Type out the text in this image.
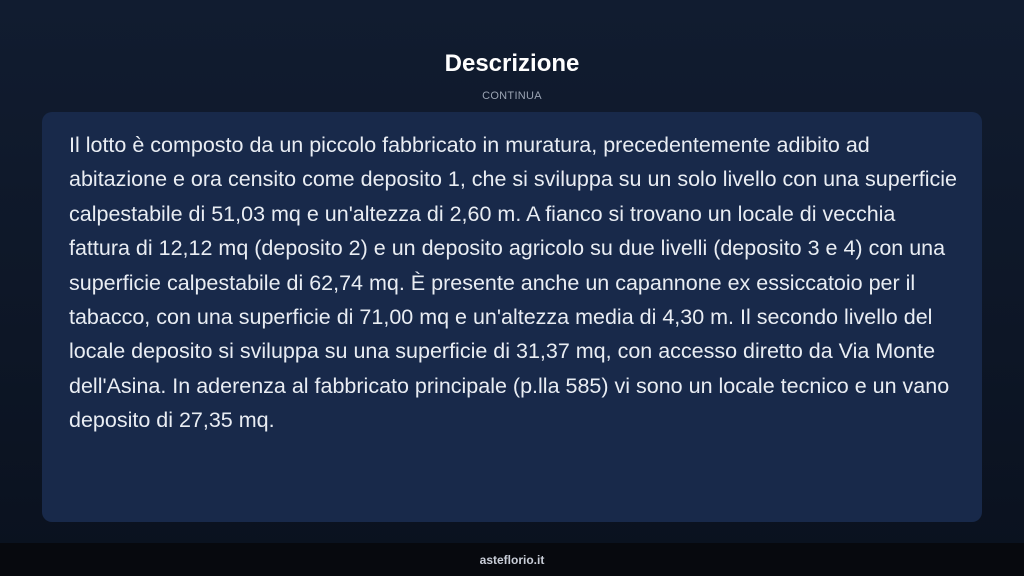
Descrizione
CONTINUA

Il lotto è composto da un piccolo fabbricato in muratura, precedentemente adibito ad abitazione e ora censito come deposito 1, che si sviluppa su un solo livello con una superficie calpestabile di 51,03 mq e un'altezza di 2,60 m. A fianco si trovano un locale di vecchia fattura di 12,12 mq (deposito 2) e un deposito agricolo su due livelli (deposito 3 e 4) con una superficie calpestabile di 62,74 mq. È presente anche un capannone ex essiccatoio per il tabacco, con una superficie di 71,00 mq e un'altezza media di 4,30 m. Il secondo livello del locale deposito si sviluppa su una superficie di 31,37 mq, con accesso diretto da Via Monte dell'Asina. In aderenza al fabbricato principale (p.lla 585) vi sono un locale tecnico e un vano deposito di 27,35 mq.

asteflorio.it
